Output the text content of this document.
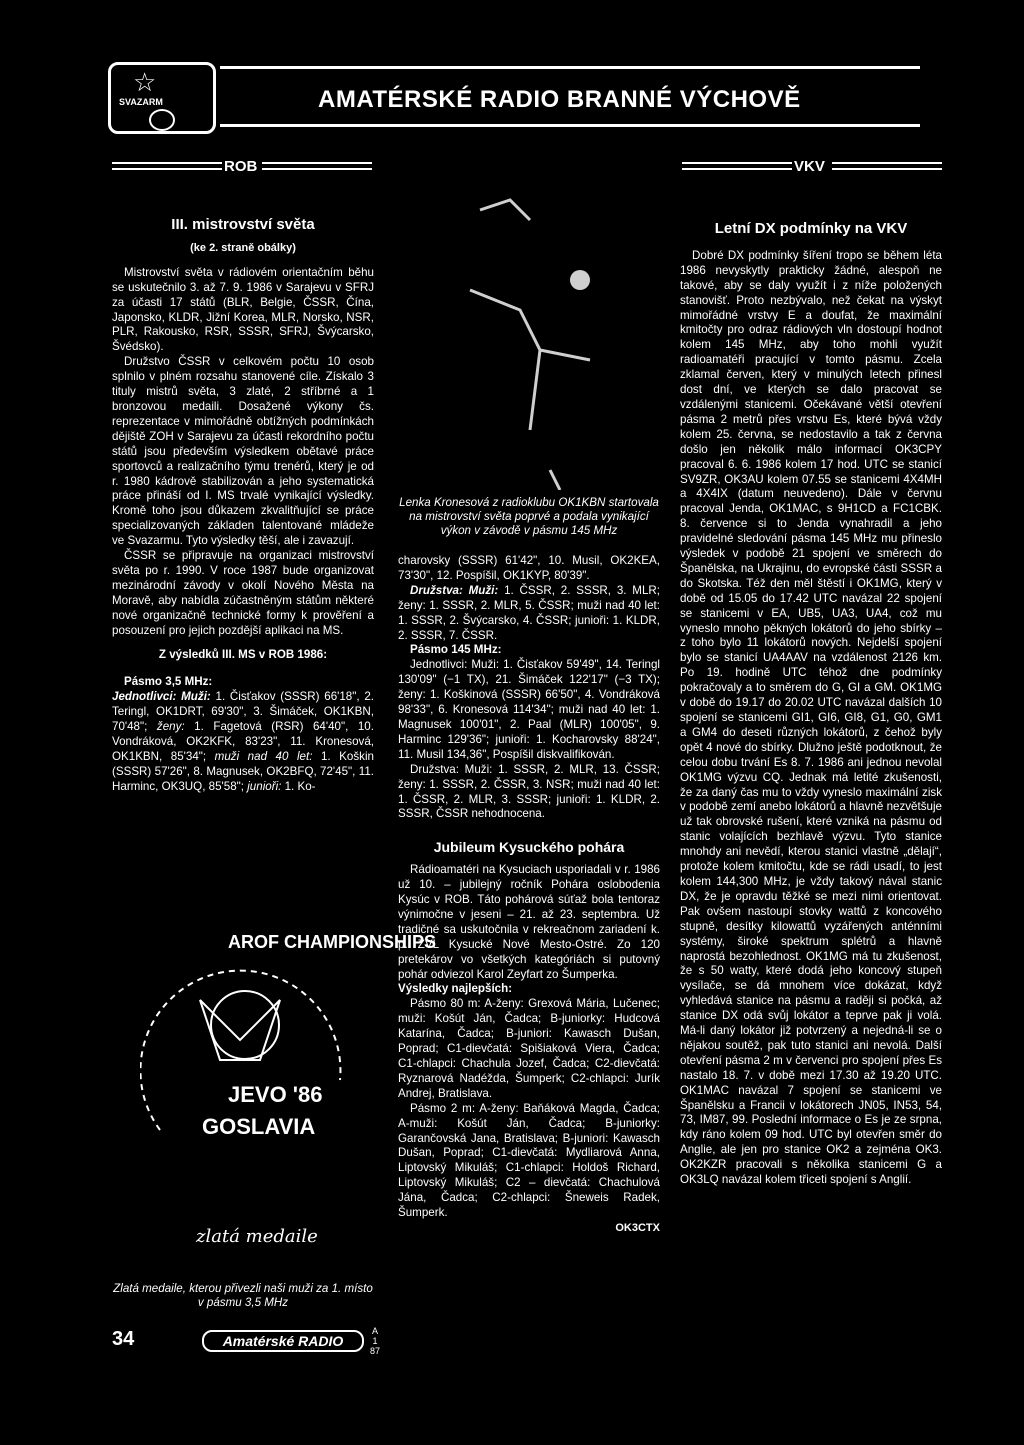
☆
SVAZARM	AMATÉRSKÉ RADIO BRANNÉ VÝCHOVĚ
ROB	VKV
III. mistrovství světa
(ke 2. straně obálky)

Mistrovství světa v rádiovém orientačním běhu se uskutečnilo 3. až 7. 9. 1986 v Sarajevu v SFRJ za účasti 17 států (BLR, Belgie, ČSSR, Čína, Japonsko, KLDR, Jižní Korea, MLR, Norsko, NSR, PLR, Rakousko, RSR, SSSR, SFRJ, Švýcarsko, Švédsko).

Družstvo ČSSR v celkovém počtu 10 osob splnilo v plném rozsahu stanovené cíle. Získalo 3 tituly mistrů světa, 3 zlaté, 2 stříbrné a 1 bronzovou medaili. Dosažené výkony čs. reprezentace v mimořádně obtížných podmínkách dějiště ZOH v Sarajevu za účasti rekordního počtu států jsou především výsledkem obětavé práce sportovců a realizačního týmu trenérů, který je od r. 1980 kádrově stabilizován a jeho systematická práce přináší od I. MS trvalé vynikající výsledky. Kromě toho jsou důkazem zkvalitňující se práce specializovaných základen talentované mládeže ve Svazarmu. Tyto výsledky těší, ale i zavazují.

ČSSR se připravuje na organizaci mistrovství světa po r. 1990. V roce 1987 bude organizovat mezinárodní závody v okolí Nového Města na Moravě, aby nabídla zúčastněným státům některé nové organizačně technické formy k prověření a posouzení pro jejich pozdější aplikaci na MS.

Z výsledků III. MS v ROB 1986:

Pásmo 3,5 MHz:

Jednotlivci: Muži: 1. Čisťakov (SSSR) 66'18", 2. Teringl, OK1DRT, 69'30", 3. Šimáček, OK1KBN, 70'48"; ženy: 1. Fagetová (RSR) 64'40", 10. Vondráková, OK2KFK, 83'23", 11. Kronesová, OK1KBN, 85'34"; muži nad 40 let: 1. Koškin (SSSR) 57'26", 8. Magnusek, OK2BFQ, 72'45", 11. Harminc, OK3UQ, 85'58"; junioři: 1. Ko-

AROF CHAMPIONSHIPS
JEVO '86
GOSLAVIA
zlatá medaile
Zlatá medaile, kterou přivezli naši muži za 1. místo v pásmu 3,5 MHz

Lenka Kronesová z radioklubu OK1KBN startovala na mistrovství světa poprvé a podala vynikající výkon v závodě v pásmu 145 MHz

charovsky (SSSR) 61'42", 10. Musil, OK2KEA, 73'30", 12. Pospíšil, OK1KYP, 80'39".

Družstva: Muži: 1. ČSSR, 2. SSSR, 3. MLR; ženy: 1. SSSR, 2. MLR, 5. ČSSR; muži nad 40 let: 1. SSSR, 2. Švýcarsko, 4. ČSSR; junioři: 1. KLDR, 2. SSSR, 7. ČSSR.

Pásmo 145 MHz:

Jednotlivci: Muži: 1. Čisťakov 59'49", 14. Teringl 130'09" (−1 TX), 21. Šimáček 122'17" (−3 TX); ženy: 1. Koškinová (SSSR) 66'50", 4. Vondráková 98'33", 6. Kronesová 114'34"; muži nad 40 let: 1. Magnusek 100'01", 2. Paal (MLR) 100'05", 9. Harminc 129'36"; junioři: 1. Kocharovsky 88'24", 11. Musil 134,36", Pospíšil diskvalifikován.

Družstva: Muži: 1. SSSR, 2. MLR, 13. ČSSR; ženy: 1. SSSR, 2. ČSSR, 3. NSR; muži nad 40 let: 1. ČSSR, 2. MLR, 3. SSSR; junioři: 1. KLDR, 2. SSSR, ČSSR nehodnocena.

Jubileum Kysuckého pohára

Rádioamatéri na Kysuciach usporiadali v r. 1986 už 10. – jubilejný ročník Pohára oslobodenia Kysúc v ROB. Táto pohárová súťaž bola tentoraz výnimočne v jeseni – 21. až 23. septembra. Už tradičné sa uskutočnila v rekreačnom zariadení k. p. ZVL Kysucké Nové Mesto-Ostré. Zo 120 pretekárov vo všetkých kategóriách si putovný pohár odviezol Karol Zeyfart zo Šumperka.

Výsledky najlepších:

Pásmo 80 m: A-ženy: Grexová Mária, Lučenec; muži: Košút Ján, Čadca; B-juniorky: Hudcová Katarína, Čadca; B-juniori: Kawasch Dušan, Poprad; C1-dievčatá: Spišiaková Viera, Čadca; C1-chlapci: Chachula Jozef, Čadca; C2-dievčatá: Ryznarová Nadéžda, Šumperk; C2-chlapci: Jurík Andrej, Bratislava.

Pásmo 2 m: A-ženy: Baňáková Magda, Čadca; A-muži: Košút Ján, Čadca; B-juniorky: Garančovská Jana, Bratislava; B-juniori: Kawasch Dušan, Poprad; C1-dievčatá: Mydliarová Anna, Liptovský Mikuláš; C1-chlapci: Holdoš Richard, Liptovský Mikuláš; C2 – dievčatá: Chachulová Jána, Čadca; C2-chlapci: Šneweis Radek, Šumperk.

OK3CTX

Letní DX podmínky na VKV

Dobré DX podmínky šíření tropo se během léta 1986 nevyskytly prakticky žádné, alespoň ne takové, aby se daly využít i z níže položených stanovišť. Proto nezbývalo, než čekat na výskyt mimořádné vrstvy E a doufat, že maximální kmitočty pro odraz rádiových vln dostoupí hodnot kolem 145 MHz, aby toho mohli využít radioamatéři pracující v tomto pásmu. Zcela zklamal červen, který v minulých letech přinesl dost dní, ve kterých se dalo pracovat se vzdálenými stanicemi. Očekávané větší otevření pásma 2 metrů přes vrstvu Es, které bývá vždy kolem 25. června, se nedostavilo a tak z června došlo jen několik málo informací OK3CPY pracoval 6. 6. 1986 kolem 17 hod. UTC se stanicí SV9ZR, OK3AU kolem 07.55 se stanicemi 4X4MH a 4X4IX (datum neuvedeno). Dále v červnu pracoval Jenda, OK1MAC, s 9H1CD a FC1CBK. 8. července si to Jenda vynahradil a jeho pravidelné sledování pásma 145 MHz mu přineslo výsledek v podobě 21 spojení ve směrech do Španělska, na Ukrajinu, do evropské části SSSR a do Skotska. Též den měl štěstí i OK1MG, který v době od 15.05 do 17.42 UTC navázal 22 spojení se stanicemi v EA, UB5, UA3, UA4, což mu vyneslo mnoho pěkných lokátorů do jeho sbírky – z toho bylo 11 lokátorů nových. Nejdelší spojení bylo se stanicí UA4AAV na vzdálenost 2126 km. Po 19. hodině UTC téhož dne podmínky pokračovaly a to směrem do G, GI a GM. OK1MG v době do 19.17 do 20.02 UTC navázal dalších 10 spojení se stanicemi GI1, GI6, GI8, G1, G0, GM1 a GM4 do deseti různých lokátorů, z čehož byly opět 4 nové do sbírky. Dlužno ještě podotknout, že celou dobu trvání Es 8. 7. 1986 ani jednou nevolal OK1MG výzvu CQ. Jednak má letité zkušenosti, že za daný čas mu to vždy vyneslo maximální zisk v podobě zemí anebo lokátorů a hlavně nezvětšuje už tak obrovské rušení, které vzniká na pásmu od stanic volajících bezhlavě výzvu. Tyto stanice mnohdy ani nevědí, kterou stanici vlastně „dělají“, protože kolem kmitočtu, kde se rádi usadí, to jest kolem 144,300 MHz, je vždy takový nával stanic DX, že je opravdu těžké se mezi nimi orientovat. Pak ovšem nastoupí stovky wattů z koncového stupně, desítky kilowattů vyzářených anténními systémy, široké spektrum splétrů a hlavně naprostá bezohlednost. OK1MG má tu zkušenost, že s 50 watty, které dodá jeho koncový stupeň vysílače, se dá mnohem více dokázat, když vyhledává stanice na pásmu a raději si počká, až stanice DX odá svůj lokátor a teprve pak ji volá. Má-li daný lokátor již potvrzený a nejedná-li se o nějakou soutěž, pak tuto stanici ani nevolá. Další otevření pásma 2 m v červenci pro spojení přes Es nastalo 18. 7. v době mezi 17.30 až 19.20 UTC. OK1MAC navázal 7 spojení se stanicemi ve Španělsku a Francii v lokátorech JN05, IN53, 54, 73, IM87, 99. Poslední informace o Es je ze srpna, kdy ráno kolem 09 hod. UTC byl otevřen směr do Anglie, ale jen pro stanice OK2 a zejména OK3. OK2KZR pracovali s několika stanicemi G a OK3LQ navázal kolem třiceti spojení s Anglií.

34	Amatérské RADIO
A
1
87
